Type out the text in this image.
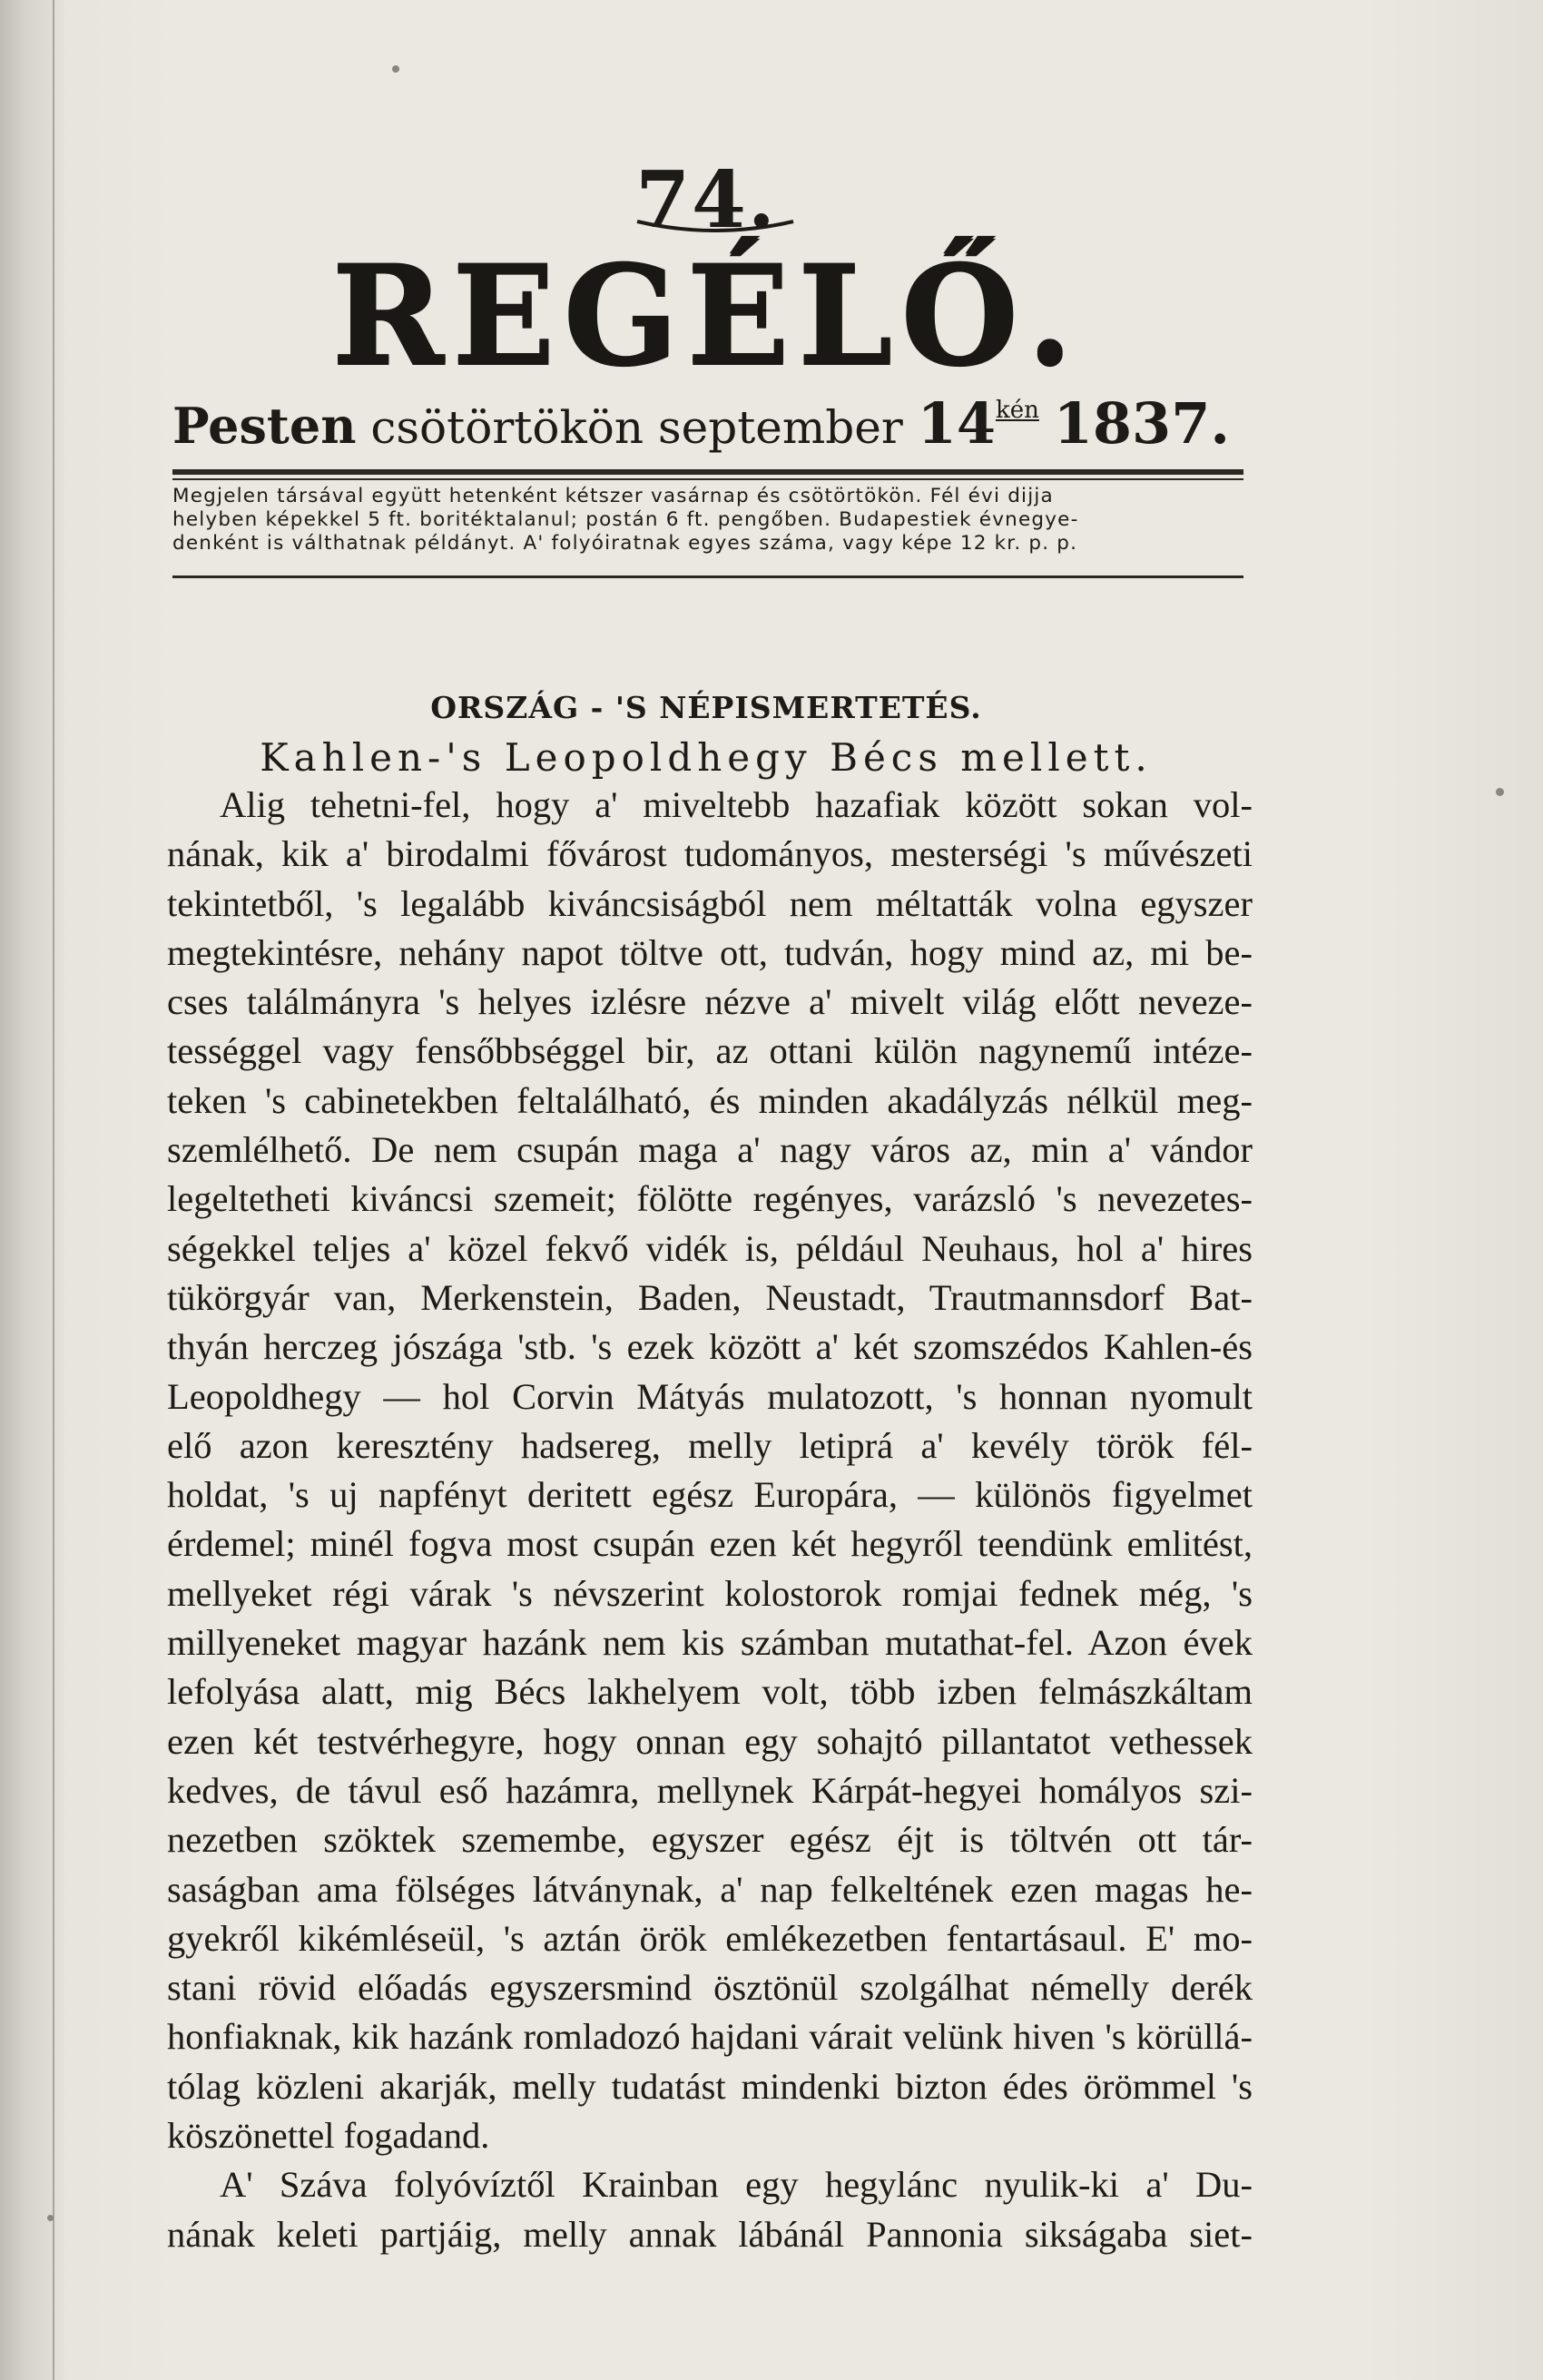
74.
REGÉLŐ.
Pesten csötörtökön september $14^{kén}$ 1837.
Megjelen társával együtt hetenként kétszer vasárnap és csötörtökön. Fél évi dijja
helyben képekkel 5 ft. boritéktalanul; postán 6 ft. pengőben. Budapestiek évnegye-
denként is válthatnak példányt. A' folyóiratnak egyes száma, vagy képe 12 kr. p. p.
ORSZÁG - 'S NÉPISMERTETÉS.
Kahlen-'s Leopoldhegy Bécs mellett.
Alig tehetni-fel, hogy a' miveltebb hazafiak között sokan vol-
nának, kik a' birodalmi fővárost tudományos, mesterségi 's művészeti
tekintetből, 's legalább kiváncsiságból nem méltatták volna egyszer
megtekintésre, nehány napot töltve ott, tudván, hogy mind az, mi be-
cses találmányra 's helyes izlésre nézve a' mivelt világ előtt neveze-
tességgel vagy fensőbbséggel bir, az ottani külön nagynemű intéze-
teken 's cabinetekben feltalálható, és minden akadályzás nélkül meg-
szemlélhető. De nem csupán maga a' nagy város az, min a' vándor
legeltetheti kiváncsi szemeit; fölötte regényes, varázsló 's nevezetes-
ségekkel teljes a' közel fekvő vidék is, például Neuhaus, hol a' hires
tükörgyár van, Merkenstein, Baden, Neustadt, Trautmannsdorf Bat-
thyán herczeg jószága 'stb. 's ezek között a' két szomszédos Kahlen-és
Leopoldhegy — hol Corvin Mátyás mulatozott, 's honnan nyomult
elő azon keresztény hadsereg, melly letiprá a' kevély török fél-
holdat, 's uj napfényt deritett egész Europára, — különös figyelmet
érdemel; minél fogva most csupán ezen két hegyről teendünk emlitést,
mellyeket régi várak 's névszerint kolostorok romjai fednek még, 's
millyeneket magyar hazánk nem kis számban mutathat-fel. Azon évek
lefolyása alatt, mig Bécs lakhelyem volt, több izben felmászkáltam
ezen két testvérhegyre, hogy onnan egy sohajtó pillantatot vethessek
kedves, de távul eső hazámra, mellynek Kárpát-hegyei homályos szi-
nezetben szöktek szemembe, egyszer egész éjt is töltvén ott tár-
saságban ama fölséges látványnak, a' nap felkeltének ezen magas he-
gyekről kikémléseül, 's aztán örök emlékezetben fentartásaul. E' mo-
stani rövid előadás egyszersmind ösztönül szolgálhat némelly derék
honfiaknak, kik hazánk romladozó hajdani várait velünk hiven 's körüllá-
tólag közleni akarják, melly tudatást mindenki bizton édes örömmel 's
köszönettel fogadand.
A' Száva folyóvíztől Krainban egy hegylánc nyulik-ki a' Du-
nának keleti partjáig, melly annak lábánál Pannonia sikságaba siet-
